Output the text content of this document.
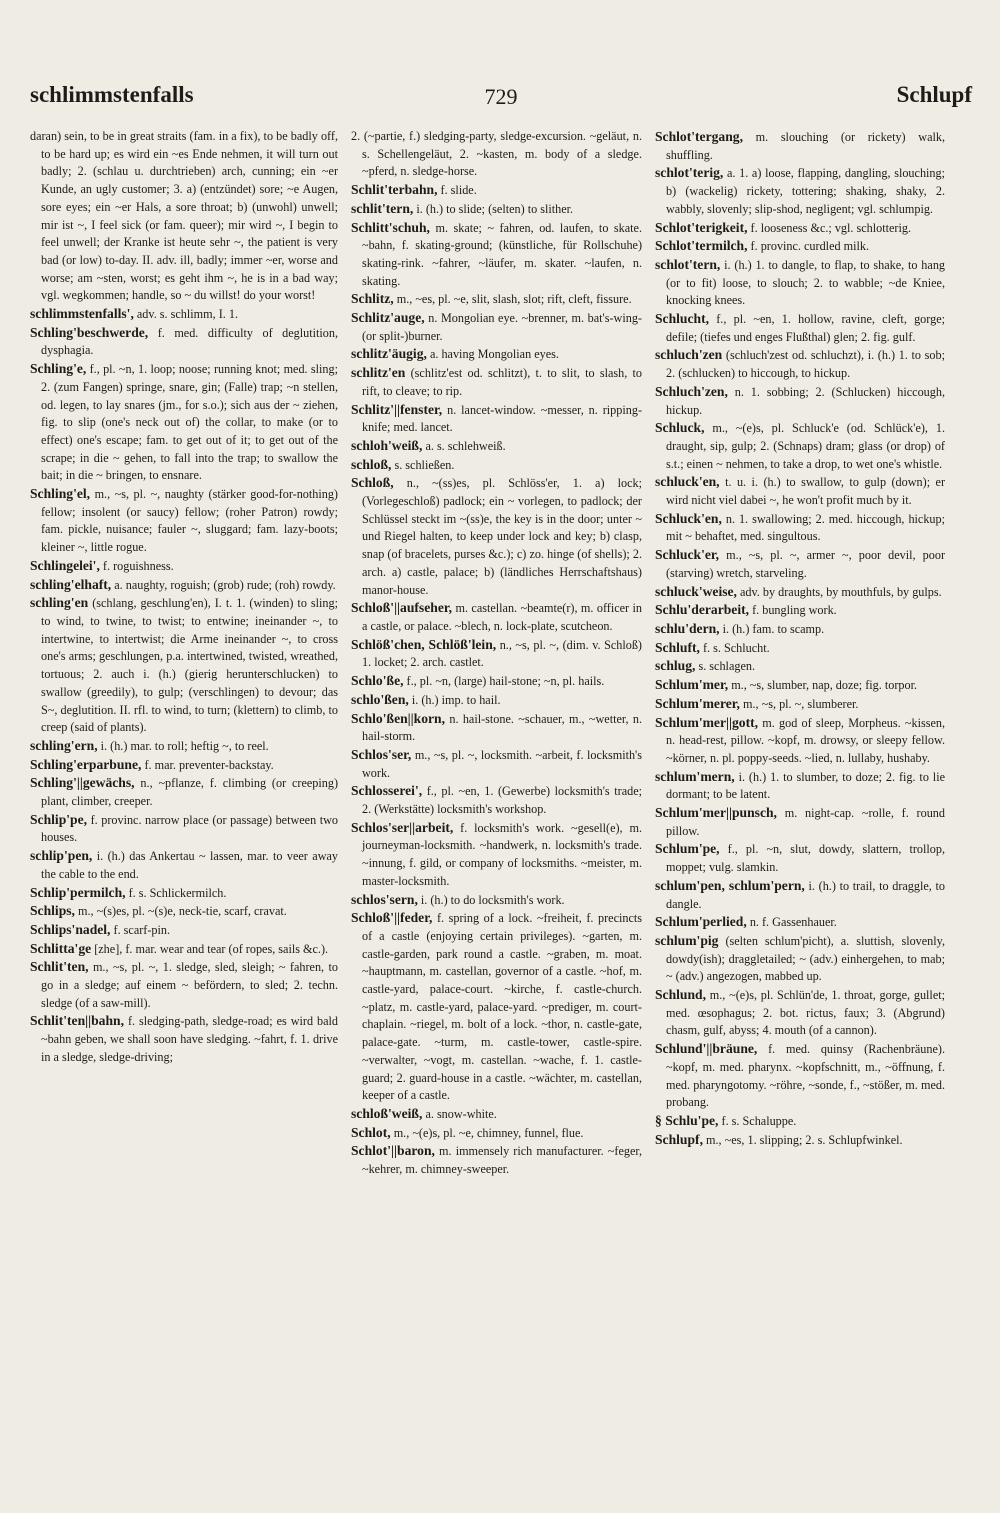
schlimmstenfalls	729	Schlupf

daran) sein, to be in great straits (fam. in a fix), to be badly off, to be hard up; es wird ein ~es Ende nehmen, it will turn out badly; 2. (schlau u. durchtrieben) arch, cunning; ein ~er Kunde, an ugly customer; 3. a) (entzündet) sore; ~e Augen, sore eyes; ein ~er Hals, a sore throat; b) (unwohl) unwell; mir ist ~, I feel sick (or fam. queer); mir wird ~, I begin to feel unwell; der Kranke ist heute sehr ~, the patient is very bad (or low) to-day. II. adv. ill, badly; immer ~er, worse and worse; am ~sten, worst; es geht ihm ~, he is in a bad way; vgl. wegkommen; handle, so ~ du willst! do your worst!

schlimmstenfalls', adv. s. schlimm, I. 1.

Schling'beschwerde, f. med. difficulty of deglutition, dysphagia.

Schling'e, f., pl. ~n, 1. loop; noose; running knot; med. sling; 2. (zum Fangen) springe, snare, gin; (Falle) trap; ~n stellen, od. legen, to lay snares (jm., for s.o.); sich aus der ~ ziehen, fig. to slip (one's neck out of) the collar, to make (or to effect) one's escape; fam. to get out of it; to get out of the scrape; in die ~ gehen, to fall into the trap; to swallow the bait; in die ~ bringen, to ensnare.

Schling'el, m., ~s, pl. ~, naughty (stärker good-for-nothing) fellow; insolent (or saucy) fellow; (roher Patron) rowdy; fam. pickle, nuisance; fauler ~, sluggard; fam. lazy-boots; kleiner ~, little rogue.

Schlingelei', f. roguishness.

schling'elhaft, a. naughty, roguish; (grob) rude; (roh) rowdy.

schling'en (schlang, geschlung'en), I. t. 1. (winden) to sling; to wind, to twine, to twist; to entwine; ineinander ~, to intertwine, to intertwist; die Arme ineinander ~, to cross one's arms; geschlungen, p.a. intertwined, twisted, wreathed, tortuous; 2. auch i. (h.) (gierig herunterschlucken) to swallow (greedily), to gulp; (verschlingen) to devour; das S~, deglutition. II. rfl. to wind, to turn; (klettern) to climb, to creep (said of plants).

schling'ern, i. (h.) mar. to roll; heftig ~, to reel.

Schling'erparbune, f. mar. preventer-backstay.

Schling'||gewächs, n., ~pflanze, f. climbing (or creeping) plant, climber, creeper.

Schlip'pe, f. provinc. narrow place (or passage) between two houses.

schlip'pen, i. (h.) das Ankertau ~ lassen, mar. to veer away the cable to the end.

Schlip'permilch, f. s. Schlickermilch.

Schlips, m., ~(s)es, pl. ~(s)e, neck-tie, scarf, cravat.

Schlips'nadel, f. scarf-pin.

Schlitta'ge [zhe], f. mar. wear and tear (of ropes, sails &c.).

Schlit'ten, m., ~s, pl. ~, 1. sledge, sled, sleigh; ~ fahren, to go in a sledge; auf einem ~ befördern, to sled; 2. techn. sledge (of a saw-mill).

Schlit'ten||bahn, f. sledging-path, sledge-road; es wird bald ~bahn geben, we shall soon have sledging. ~fahrt, f. 1. drive in a sledge, sledge-driving;

2. (~partie, f.) sledging-party, sledge-excursion. ~geläut, n. s. Schellengeläut, 2. ~kasten, m. body of a sledge. ~pferd, n. sledge-horse.

Schlit'terbahn, f. slide.

schlit'tern, i. (h.) to slide; (selten) to slither.

Schlitt'schuh, m. skate; ~ fahren, od. laufen, to skate. ~bahn, f. skating-ground; (künstliche, für Rollschuhe) skating-rink. ~fahrer, ~läufer, m. skater. ~laufen, n. skating.

Schlitz, m., ~es, pl. ~e, slit, slash, slot; rift, cleft, fissure.

Schlitz'auge, n. Mongolian eye. ~brenner, m. bat's-wing-(or split-)burner.

schlitz'äugig, a. having Mongolian eyes.

schlitz'en (schlitz'est od. schlitzt), t. to slit, to slash, to rift, to cleave; to rip.

Schlitz'||fenster, n. lancet-window. ~messer, n. ripping-knife; med. lancet.

schloh'weiß, a. s. schlehweiß.

schloß, s. schließen.

Schloß, n., ~(ss)es, pl. Schlöss'er, 1. a) lock; (Vorlegeschloß) padlock; ein ~ vorlegen, to padlock; der Schlüssel steckt im ~(ss)e, the key is in the door; unter ~ und Riegel halten, to keep under lock and key; b) clasp, snap (of bracelets, purses &c.); c) zo. hinge (of shells); 2. arch. a) castle, palace; b) (ländliches Herrschaftshaus) manor-house.

Schloß'||aufseher, m. castellan. ~beamte(r), m. officer in a castle, or palace. ~blech, n. lock-plate, scutcheon.

Schlöß'chen, Schlöß'lein, n., ~s, pl. ~, (dim. v. Schloß) 1. locket; 2. arch. castlet.

Schlo'ße, f., pl. ~n, (large) hail-stone; ~n, pl. hails.

schlo'ßen, i. (h.) imp. to hail.

Schlo'ßen||korn, n. hail-stone. ~schauer, m., ~wetter, n. hail-storm.

Schlos'ser, m., ~s, pl. ~, locksmith. ~arbeit, f. locksmith's work.

Schlosserei', f., pl. ~en, 1. (Gewerbe) locksmith's trade; 2. (Werkstätte) locksmith's workshop.

Schlos'ser||arbeit, f. locksmith's work. ~gesell(e), m. journeyman-locksmith. ~handwerk, n. locksmith's trade. ~innung, f. gild, or company of locksmiths. ~meister, m. master-locksmith.

schlos'sern, i. (h.) to do locksmith's work.

Schloß'||feder, f. spring of a lock. ~freiheit, f. precincts of a castle (enjoying certain privileges). ~garten, m. castle-garden, park round a castle. ~graben, m. moat. ~hauptmann, m. castellan, governor of a castle. ~hof, m. castle-yard, palace-court. ~kirche, f. castle-church. ~platz, m. castle-yard, palace-yard. ~prediger, m. court-chaplain. ~riegel, m. bolt of a lock. ~thor, n. castle-gate, palace-gate. ~turm, m. castle-tower, castle-spire. ~verwalter, ~vogt, m. castellan. ~wache, f. 1. castle-guard; 2. guard-house in a castle. ~wächter, m. castellan, keeper of a castle.

schloß'weiß, a. snow-white.

Schlot, m., ~(e)s, pl. ~e, chimney, funnel, flue.

Schlot'||baron, m. immensely rich manufacturer. ~feger, ~kehrer, m. chimney-sweeper.

Schlot'tergang, m. slouching (or rickety) walk, shuffling.

schlot'terig, a. 1. a) loose, flapping, dangling, slouching; b) (wackelig) rickety, tottering; shaking, shaky, 2. wabbly, slovenly; slip-shod, negligent; vgl. schlumpig.

Schlot'terigkeit, f. looseness &c.; vgl. schlotterig.

Schlot'termilch, f. provinc. curdled milk.

schlot'tern, i. (h.) 1. to dangle, to flap, to shake, to hang (or to fit) loose, to slouch; 2. to wabble; ~de Kniee, knocking knees.

Schlucht, f., pl. ~en, 1. hollow, ravine, cleft, gorge; defile; (tiefes und enges Flußthal) glen; 2. fig. gulf.

schluch'zen (schluch'zest od. schluchzt), i. (h.) 1. to sob; 2. (schlucken) to hiccough, to hickup.

Schluch'zen, n. 1. sobbing; 2. (Schlucken) hiccough, hickup.

Schluck, m., ~(e)s, pl. Schluck'e (od. Schlück'e), 1. draught, sip, gulp; 2. (Schnaps) dram; glass (or drop) of s.t.; einen ~ nehmen, to take a drop, to wet one's whistle.

schluck'en, t. u. i. (h.) to swallow, to gulp (down); er wird nicht viel dabei ~, he won't profit much by it.

Schluck'en, n. 1. swallowing; 2. med. hiccough, hickup; mit ~ behaftet, med. singultous.

Schluck'er, m., ~s, pl. ~, armer ~, poor devil, poor (starving) wretch, starveling.

schluck'weise, adv. by draughts, by mouthfuls, by gulps.

Schlu'derarbeit, f. bungling work.

schlu'dern, i. (h.) fam. to scamp.

Schluft, f. s. Schlucht.

schlug, s. schlagen.

Schlum'mer, m., ~s, slumber, nap, doze; fig. torpor.

Schlum'merer, m., ~s, pl. ~, slumberer.

Schlum'mer||gott, m. god of sleep, Morpheus. ~kissen, n. head-rest, pillow. ~kopf, m. drowsy, or sleepy fellow. ~körner, n. pl. poppy-seeds. ~lied, n. lullaby, hushaby.

schlum'mern, i. (h.) 1. to slumber, to doze; 2. fig. to lie dormant; to be latent.

Schlum'mer||punsch, m. night-cap. ~rolle, f. round pillow.

Schlum'pe, f., pl. ~n, slut, dowdy, slattern, trollop, moppet; vulg. slamkin.

schlum'pen, schlum'pern, i. (h.) to trail, to draggle, to dangle.

Schlum'perlied, n. f. Gassenhauer.

schlum'pig (selten schlum'picht), a. sluttish, slovenly, dowdy(ish); draggletailed; ~ (adv.) einhergehen, to mab; ~ (adv.) angezogen, mabbed up.

Schlund, m., ~(e)s, pl. Schlün'de, 1. throat, gorge, gullet; med. œsophagus; 2. bot. rictus, faux; 3. (Abgrund) chasm, gulf, abyss; 4. mouth (of a cannon).

Schlund'||bräune, f. med. quinsy (Rachenbräune). ~kopf, m. med. pharynx. ~kopfschnitt, m., ~öffnung, f. med. pharyngotomy. ~röhre, ~sonde, f., ~stößer, m. med. probang.

§ Schlu'pe, f. s. Schaluppe.

Schlupf, m., ~es, 1. slipping; 2. s. Schlupfwinkel.
